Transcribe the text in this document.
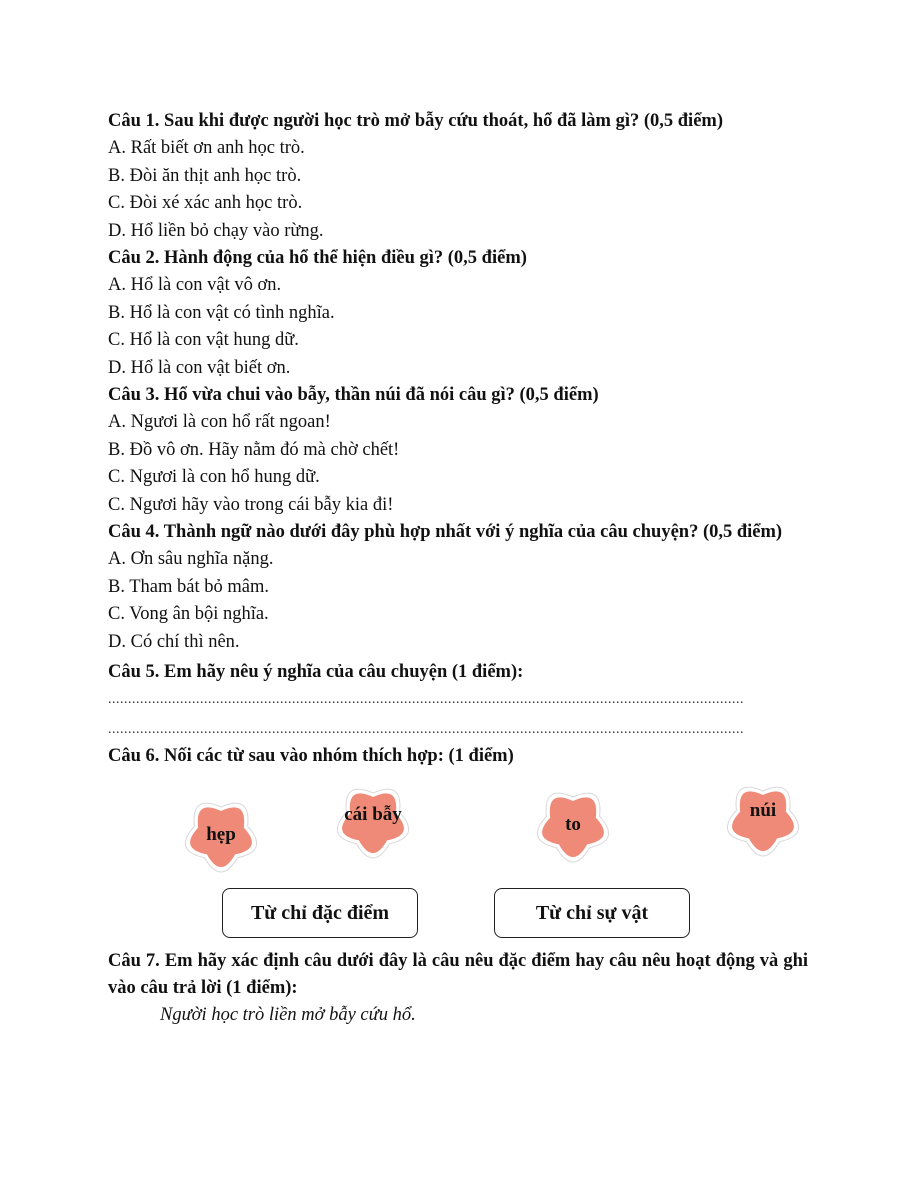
Câu 1. Sau khi được người học trò mở bẫy cứu thoát, hổ đã làm gì? (0,5 điểm)
A. Rất biết ơn anh học trò.
B. Đòi ăn thịt anh học trò.
C. Đòi xé xác anh học trò.
D. Hổ liền bỏ chạy vào rừng.
Câu 2. Hành động của hổ thể hiện điều gì? (0,5 điểm)
A. Hổ là con vật vô ơn.
B. Hổ là con vật có tình nghĩa.
C. Hổ là con vật hung dữ.
D. Hổ là con vật biết ơn.
Câu 3. Hổ vừa chui vào bẫy, thần núi đã nói câu gì? (0,5 điểm)
A. Ngươi là con hổ rất ngoan!
B. Đồ vô ơn. Hãy nằm đó mà chờ chết!
C. Ngươi là con hổ hung dữ.
C. Ngươi hãy vào trong cái bẫy kia đi!
Câu 4. Thành ngữ nào dưới đây phù hợp nhất với ý nghĩa của câu chuyện? (0,5 điểm)
A. Ơn sâu nghĩa nặng.
B. Tham bát bỏ mâm.
C. Vong ân bội nghĩa.
D. Có chí thì nên.
Câu 5. Em hãy nêu ý nghĩa của câu chuyện (1 điểm):
...............................................................................................................................................................
...............................................................................................................................................................
Câu 6. Nối các từ sau vào nhóm thích hợp: (1 điểm)
hẹp
cái bẫy	to
núi
Từ chỉ đặc điểm	Từ chỉ sự vật
Câu 7. Em hãy xác định câu dưới đây là câu nêu đặc điểm hay câu nêu hoạt động và ghi vào câu trả lời (1 điểm):
Người học trò liền mở bẫy cứu hổ.
